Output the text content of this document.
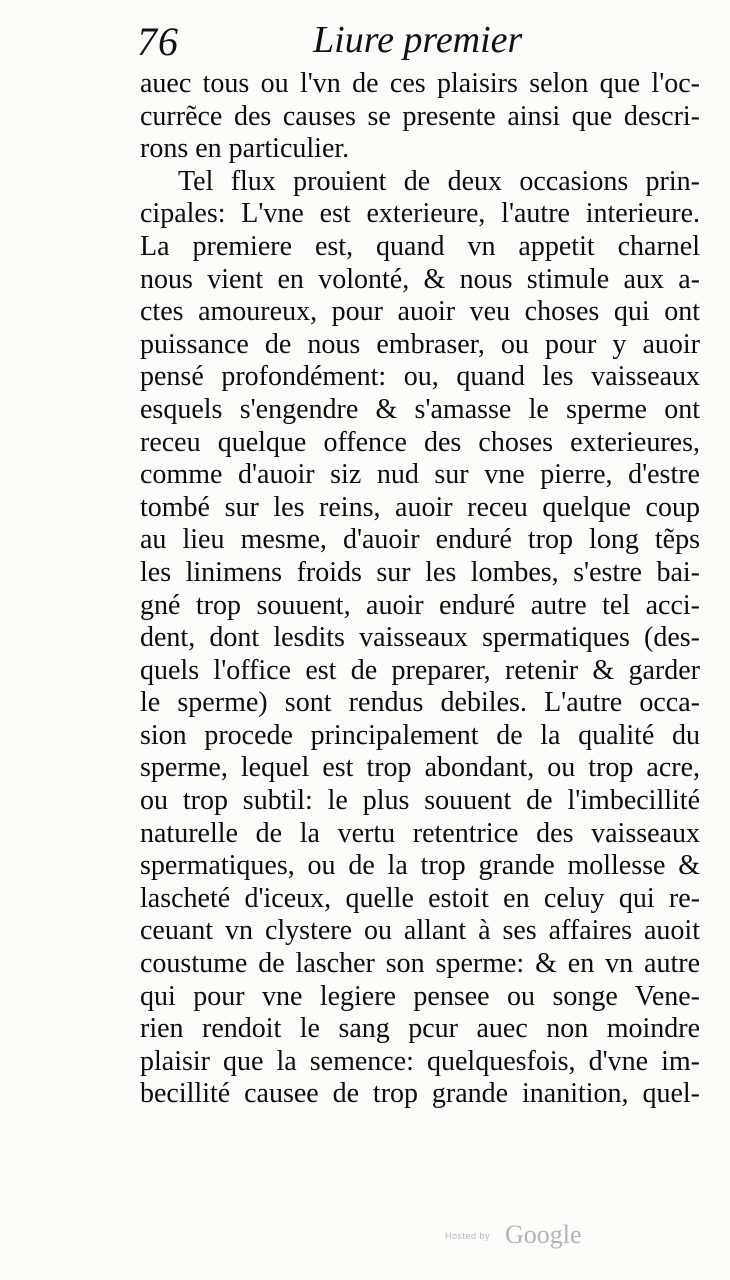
76	Liure premier
auec tous ou l'vn de ces plaisirs selon que l'oc-
currẽce des causes se presente ainsi que descri-
rons en particulier.
Tel flux prouient de deux occasions prin-
cipales: L'vne est exterieure, l'autre interieure.
La premiere est, quand vn appetit charnel
nous vient en volonté, & nous stimule aux a-
ctes amoureux, pour auoir veu choses qui ont
puissance de nous embraser, ou pour y auoir
pensé profondément: ou, quand les vaisseaux
esquels s'engendre & s'amasse le sperme ont
receu quelque offence des choses exterieures,
comme d'auoir siz nud sur vne pierre, d'estre
tombé sur les reins, auoir receu quelque coup
au lieu mesme, d'auoir enduré trop long tẽps
les linimens froids sur les lombes, s'estre bai-
gné trop souuent, auoir enduré autre tel acci-
dent, dont lesdits vaisseaux spermatiques (des-
quels l'office est de preparer, retenir & garder
le sperme) sont rendus debiles. L'autre occa-
sion procede principalement de la qualité du
sperme, lequel est trop abondant, ou trop acre,
ou trop subtil: le plus souuent de l'imbecillité
naturelle de la vertu retentrice des vaisseaux
spermatiques, ou de la trop grande mollesse &
lascheté d'iceux, quelle estoit en celuy qui re-
ceuant vn clystere ou allant à ses affaires auoit
coustume de lascher son sperme: & en vn autre
qui pour vne legiere pensee ou songe Vene-
rien rendoit le sang pcur auec non moindre
plaisir que la semence: quelquesfois, d'vne im-
becillité causee de trop grande inanition, quel-
Hosted by Google
